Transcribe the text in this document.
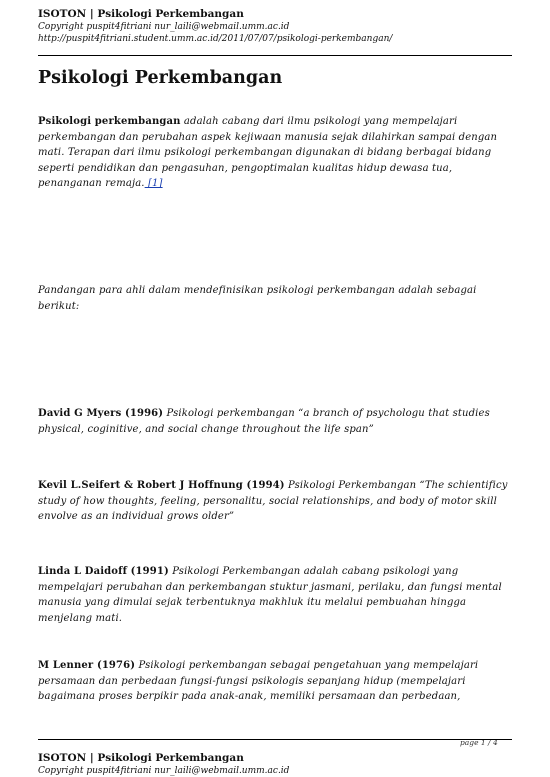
ISOTON | Psikologi Perkembangan
Copyright puspit4fitriani nur_laili@webmail.umm.ac.id
http://puspit4fitriani.student.umm.ac.id/2011/07/07/psikologi-perkembangan/
Psikologi Perkembangan

Psikologi perkembangan adalah cabang dari ilmu psikologi yang mempelajari perkembangan dan perubahan aspek kejiwaan manusia sejak dilahirkan sampai dengan mati. Terapan dari ilmu psikologi perkembangan digunakan di bidang berbagai bidang seperti pendidikan dan pengasuhan, pengoptimalan kualitas hidup dewasa tua, penanganan remaja. [1]

Pandangan para ahli dalam mendefinisikan psikologi perkembangan adalah sebagai berikut:

David G Myers (1996) Psikologi perkembangan “a branch of psychologu that studies physical, coginitive, and social change throughout the life span”

Kevil L.Seifert & Robert J Hoffnung (1994) Psikologi Perkembangan “The schientificy study of how thoughts, feeling, personalitu, social relationships, and body of motor skill envolve as an individual grows older”

Linda L Daidoff (1991) Psikologi Perkembangan adalah cabang psikologi yang mempelajari perubahan dan perkembangan stuktur jasmani, perilaku, dan fungsi mental manusia yang dimulai sejak terbentuknya makhluk itu melalui pembuahan hingga menjelang mati.

M Lenner (1976) Psikologi perkembangan sebagai pengetahuan yang mempelajari persamaan dan perbedaan fungsi-fungsi psikologis sepanjang hidup (mempelajari bagaimana proses berpikir pada anak-anak, memiliki persamaan dan perbedaan,

page 1 / 4
ISOTON | Psikologi Perkembangan
Copyright puspit4fitriani nur_laili@webmail.umm.ac.id
